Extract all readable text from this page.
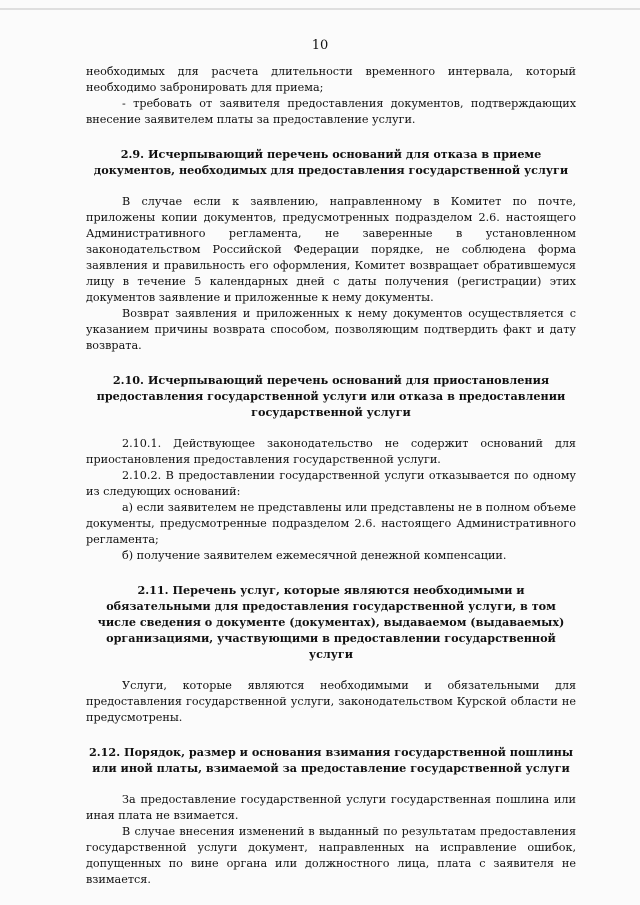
10

необходимых для расчета длительности временного интервала, который необходимо забронировать для приема;

- требовать от заявителя предоставления документов, подтверждающих внесение заявителем платы за предоставление услуги.

2.9. Исчерпывающий перечень оснований для отказа в приеме документов, необходимых для предоставления государственной услуги

В случае если к заявлению, направленному в Комитет по почте, приложены копии документов, предусмотренных подразделом 2.6. настоящего Административного регламента, не заверенные в установленном законодательством Российской Федерации порядке, не соблюдена форма заявления и правильность его оформления, Комитет возвращает обратившемуся лицу в течение 5 календарных дней с даты получения (регистрации) этих документов заявление и приложенные к нему документы.

Возврат заявления и приложенных к нему документов осуществляется с указанием причины возврата способом, позволяющим подтвердить факт и дату возврата.

2.10. Исчерпывающий перечень оснований для приостановления предоставления государственной услуги или отказа в предоставлении государственной услуги

2.10.1. Действующее законодательство не содержит оснований для приостановления предоставления государственной услуги.

2.10.2. В предоставлении государственной услуги отказывается по одному из следующих оснований:

а) если заявителем не представлены или представлены не в полном объеме документы, предусмотренные подразделом 2.6. настоящего Административного регламента;

б) получение заявителем ежемесячной денежной компенсации.

2.11. Перечень услуг, которые являются необходимыми и обязательными для предоставления государственной услуги, в том числе сведения о документе (документах), выдаваемом (выдаваемых) организациями, участвующими в предоставлении государственной услуги

Услуги, которые являются необходимыми и обязательными для предоставления государственной услуги, законодательством Курской области не предусмотрены.

2.12. Порядок, размер и основания взимания государственной пошлины или иной платы, взимаемой за предоставление государственной услуги

За предоставление государственной услуги государственная пошлина или иная плата не взимается.

В случае внесения изменений в выданный по результатам предоставления государственной услуги документ, направленных на исправление ошибок, допущенных по вине органа или должностного лица, плата с заявителя не взимается.
